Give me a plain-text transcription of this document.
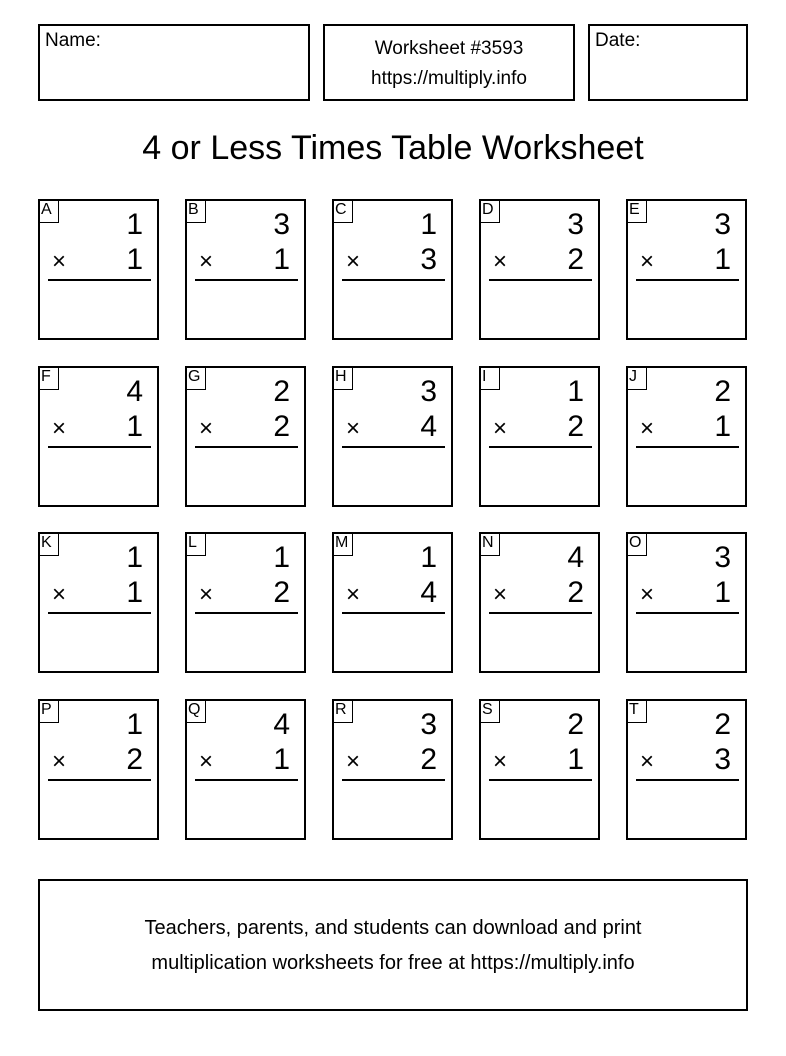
Name:	Worksheet #3593
https://multiply.info
Date:
4 or Less Times Table Worksheet
A 1
× 1
B 3
× 1
C 1
× 3
D 3
× 2
E 3
× 1
F	4
× 1
G 2
× 2
H 3
× 4
I	1
× 2
J	2
× 1
K 1
× 1
L	1
× 2
M 1
× 4
N 4
× 2
O 3
× 1
P 1
× 2
Q 4
× 1
R 3
× 2
S 2
× 1
T	2
× 3
Teachers, parents, and students can download and print
multiplication worksheets for free at https://multiply.info
